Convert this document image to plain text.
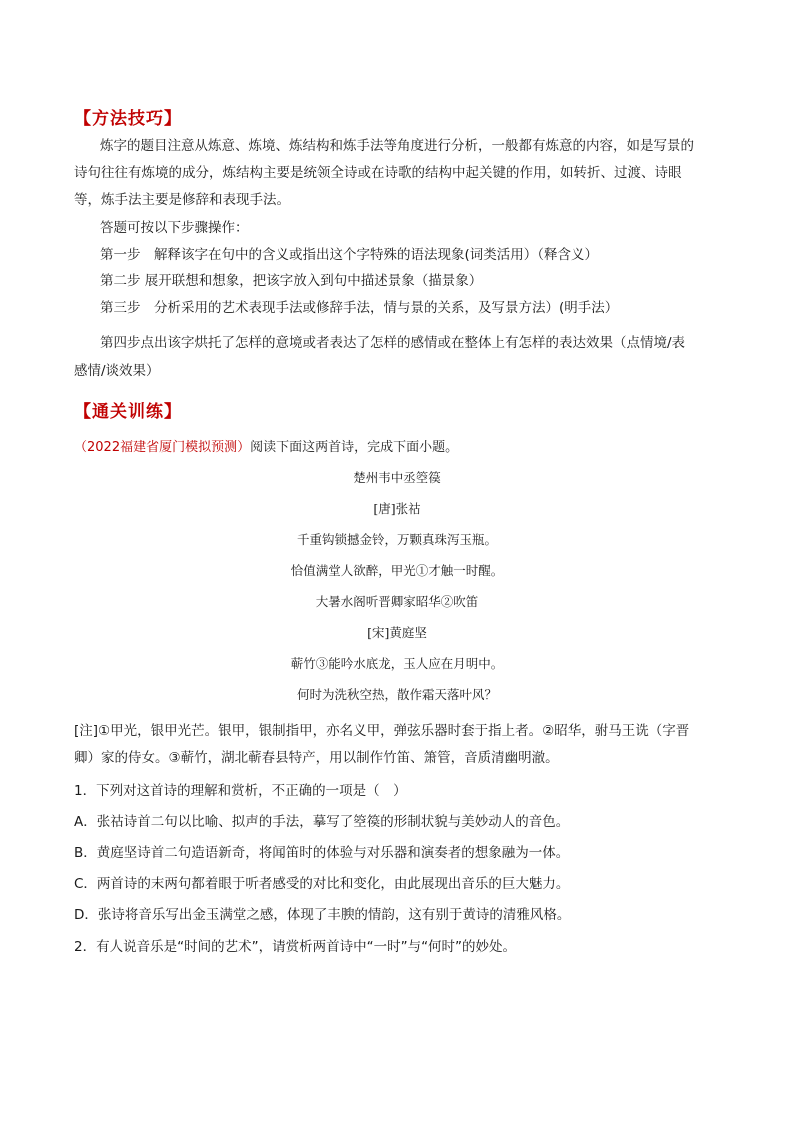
【方法技巧】
炼字的题目注意从炼意、炼境、炼结构和炼手法等角度进行分析，一般都有炼意的内容，如是写景的
诗句往往有炼境的成分，炼结构主要是统领全诗或在诗歌的结构中起关键的作用，如转折、过渡、诗眼
等，炼手法主要是修辞和表现手法。
答题可按以下步骤操作：
第一步　解释该字在句中的含义或指出这个字特殊的语法现象(词类活用）（释含义）
第二步 展开联想和想象，把该字放入到句中描述景象（描景象）
第三步　分析采用的艺术表现手法或修辞手法，情与景的关系，及写景方法）(明手法）
第四步点出该字烘托了怎样的意境或者表达了怎样的感情或在整体上有怎样的表达效果（点情境/表
感情/谈效果）
【通关训练】
（2022福建省厦门模拟预测）阅读下面这两首诗，完成下面小题。
楚州韦中丞箜篌
[唐]张祜
千重钩锁撼金铃，万颗真珠泻玉瓶。
恰值满堂人欲醉，甲光①才触一时醒。
大暑水阁听晋卿家昭华②吹笛
[宋]黄庭坚
蕲竹③能吟水底龙，玉人应在月明中。
何时为洗秋空热，散作霜天落叶风？
[注]①甲光，银甲光芒。银甲，银制指甲，亦名义甲，弹弦乐器时套于指上者。②昭华，驸马王诜（字晋
卿）家的侍女。③蕲竹，湖北蕲春县特产，用以制作竹笛、箫管，音质清幽明澈。
1．下列对这首诗的理解和赏析，不正确的一项是（　）
A．张祜诗首二句以比喻、拟声的手法，摹写了箜篌的形制状貌与美妙动人的音色。
B．黄庭坚诗首二句造语新奇，将闻笛时的体验与对乐器和演奏者的想象融为一体。
C．两首诗的末两句都着眼于听者感受的对比和变化，由此展现出音乐的巨大魅力。
D．张诗将音乐写出金玉满堂之感，体现了丰腴的情韵，这有别于黄诗的清雅风格。
2．有人说音乐是“时间的艺术”，请赏析两首诗中“一时”与“何时”的妙处。
